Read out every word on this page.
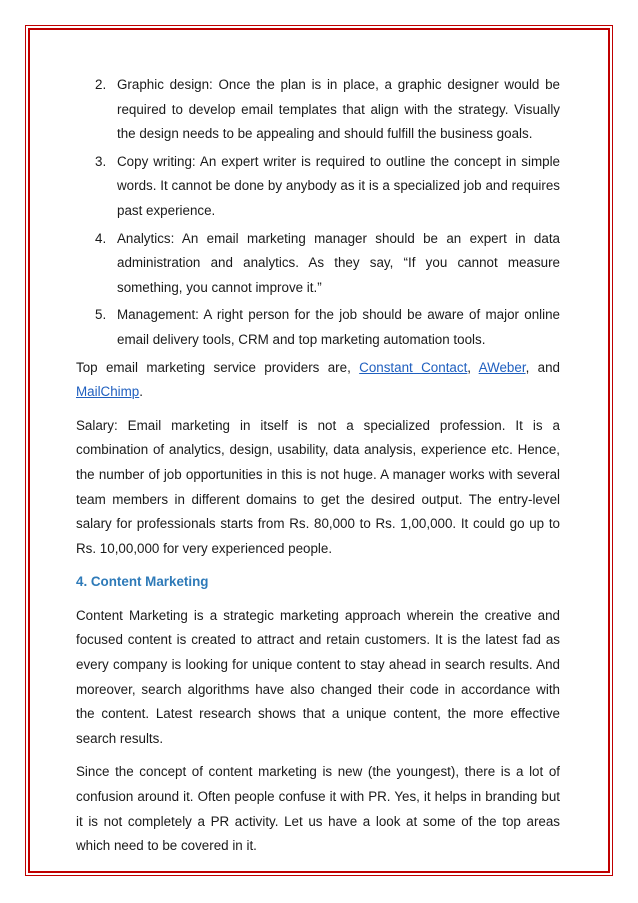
2. Graphic design: Once the plan is in place, a graphic designer would be required to develop email templates that align with the strategy. Visually the design needs to be appealing and should fulfill the business goals.
3. Copy writing: An expert writer is required to outline the concept in simple words. It cannot be done by anybody as it is a specialized job and requires past experience.
4. Analytics: An email marketing manager should be an expert in data administration and analytics. As they say, “If you cannot measure something, you cannot improve it.”
5. Management: A right person for the job should be aware of major online email delivery tools, CRM and top marketing automation tools.

Top email marketing service providers are, Constant Contact, AWeber, and MailChimp.

Salary: Email marketing in itself is not a specialized profession. It is a combination of analytics, design, usability, data analysis, experience etc. Hence, the number of job opportunities in this is not huge. A manager works with several team members in different domains to get the desired output. The entry-level salary for professionals starts from Rs. 80,000 to Rs. 1,00,000. It could go up to Rs. 10,00,000 for very experienced people.

4. Content Marketing

Content Marketing is a strategic marketing approach wherein the creative and focused content is created to attract and retain customers. It is the latest fad as every company is looking for unique content to stay ahead in search results. And moreover, search algorithms have also changed their code in accordance with the content. Latest research shows that a unique content, the more effective search results.

Since the concept of content marketing is new (the youngest), there is a lot of confusion around it. Often people confuse it with PR. Yes, it helps in branding but it is not completely a PR activity. Let us have a look at some of the top areas which need to be covered in it.
